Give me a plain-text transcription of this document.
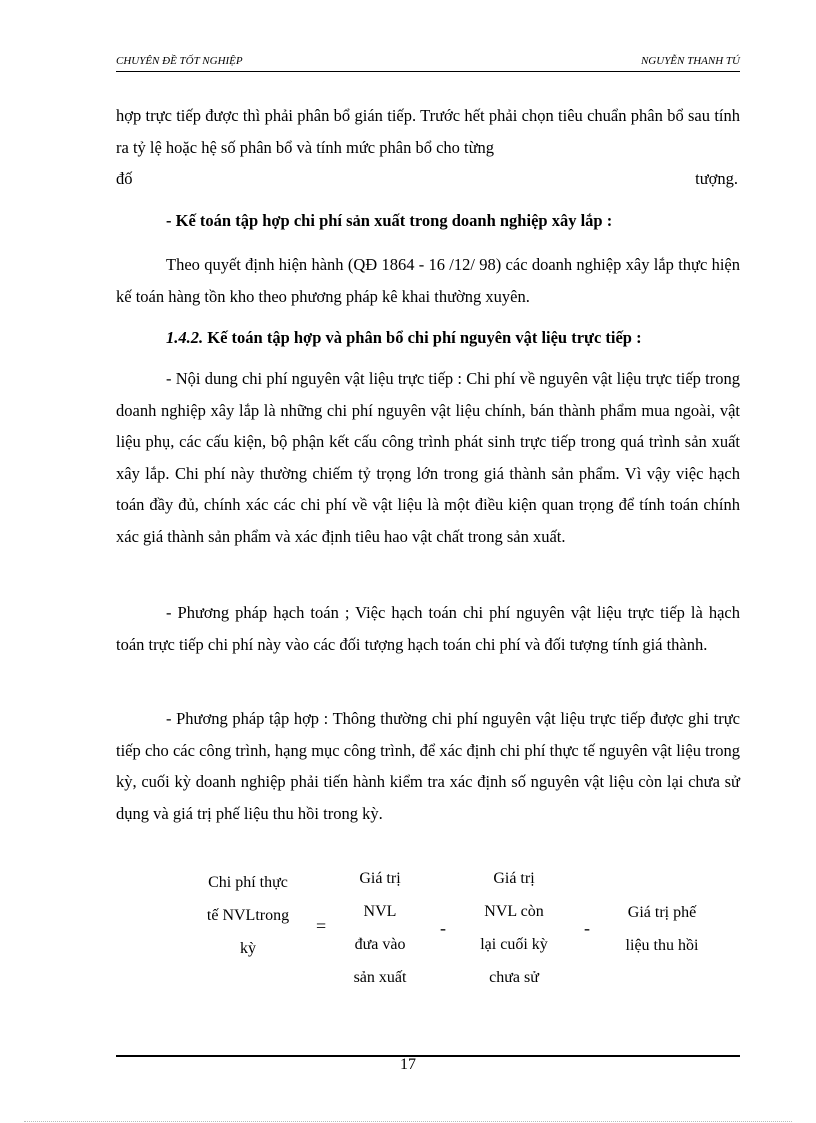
CHUYÊN ĐỀ TỐT NGHIỆP	NGUYỄN THANH TÚ
hợp trực tiếp được thì phải phân bổ gián tiếp. Trước hết phải chọn tiêu chuẩn phân bổ sau tính ra tỷ lệ hoặc hệ số phân bổ và tính mức phân bổ cho từng
đố	tượng.
- Kế toán tập hợp chi phí sản xuất trong doanh nghiệp xây lắp :
Theo quyết định hiện hành (QĐ 1864 - 16 /12/ 98) các doanh nghiệp xây lắp thực hiện kế toán hàng tồn kho theo phương pháp kê khai thường xuyên.
1.4.2. Kế toán tập hợp và phân bổ chi phí nguyên vật liệu trực tiếp :
- Nội dung chi phí nguyên vật liệu trực tiếp : Chi phí về nguyên vật liệu trực tiếp trong doanh nghiệp xây lắp là những chi phí nguyên vật liệu chính, bán thành phẩm mua ngoài, vật liệu phụ, các cấu kiện, bộ phận kết cấu công trình phát sinh trực tiếp trong quá trình sản xuất xây lắp. Chi phí này thường chiếm tỷ trọng lớn trong giá thành sản phẩm. Vì vậy việc hạch toán đầy đủ, chính xác các chi phí về vật liệu là một điều kiện quan trọng để tính toán chính xác giá thành sản phẩm và xác định tiêu hao vật chất trong sản xuất.
- Phương pháp hạch toán ; Việc hạch toán chi phí nguyên vật liệu trực tiếp là hạch toán trực tiếp chi phí này vào các đối tượng hạch toán chi phí và đối tượng tính giá thành.
- Phương pháp tập hợp : Thông thường chi phí nguyên vật liệu trực tiếp được ghi trực tiếp cho các công trình, hạng mục công trình, để xác định chi phí thực tế nguyên vật liệu trong kỳ, cuối kỳ doanh nghiệp phải tiến hành kiểm tra xác định số nguyên vật liệu còn lại chưa sử dụng và giá trị phế liệu thu hồi trong kỳ.
Chi phí thực
tế NVLtrong
kỳ
=
Giá trị
NVL
đưa vào
sản xuất
-
Giá trị
NVL còn
lại cuối kỳ
chưa sử
-
Giá trị phế
liệu thu hồi
17
